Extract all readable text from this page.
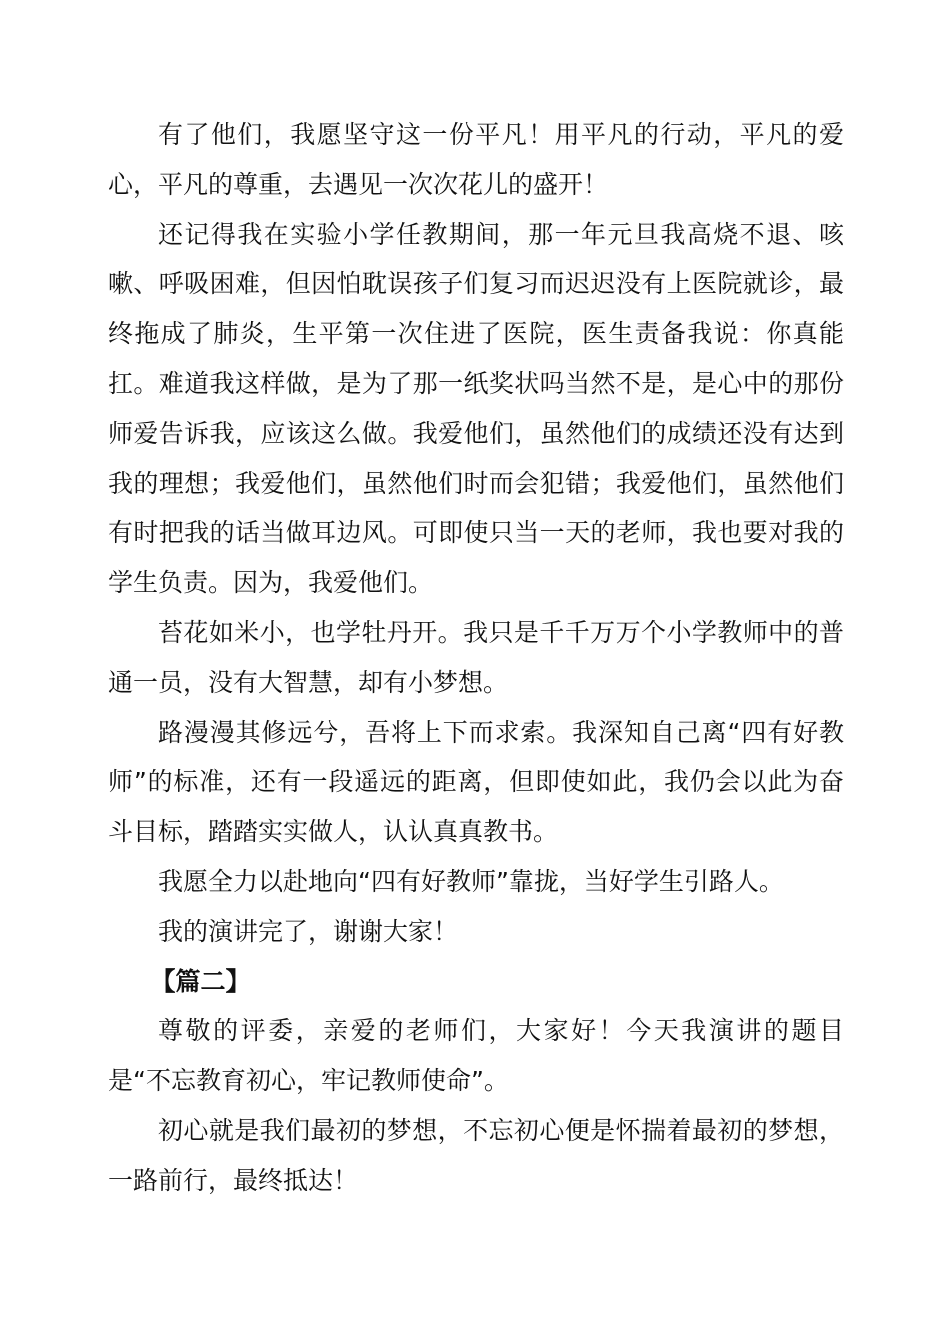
有了他们，我愿坚守这一份平凡！用平凡的行动，平凡的爱心，平凡的尊重，去遇见一次次花儿的盛开！

还记得我在实验小学任教期间，那一年元旦我高烧不退、咳嗽、呼吸困难，但因怕耽误孩子们复习而迟迟没有上医院就诊，最终拖成了肺炎，生平第一次住进了医院，医生责备我说：你真能扛。难道我这样做，是为了那一纸奖状吗当然不是，是心中的那份师爱告诉我，应该这么做。我爱他们，虽然他们的成绩还没有达到我的理想；我爱他们，虽然他们时而会犯错；我爱他们，虽然他们有时把我的话当做耳边风。可即使只当一天的老师，我也要对我的学生负责。因为，我爱他们。

苔花如米小，也学牡丹开。我只是千千万万个小学教师中的普通一员，没有大智慧，却有小梦想。

路漫漫其修远兮，吾将上下而求索。我深知自己离“四有好教师”的标准，还有一段遥远的距离，但即使如此，我仍会以此为奋斗目标，踏踏实实做人，认认真真教书。

我愿全力以赴地向“四有好教师”靠拢，当好学生引路人。

我的演讲完了，谢谢大家！

【篇二】

尊敬的评委，亲爱的老师们，大家好！今天我演讲的题目是“不忘教育初心，牢记教师使命”。

初心就是我们最初的梦想，不忘初心便是怀揣着最初的梦想，一路前行，最终抵达！
